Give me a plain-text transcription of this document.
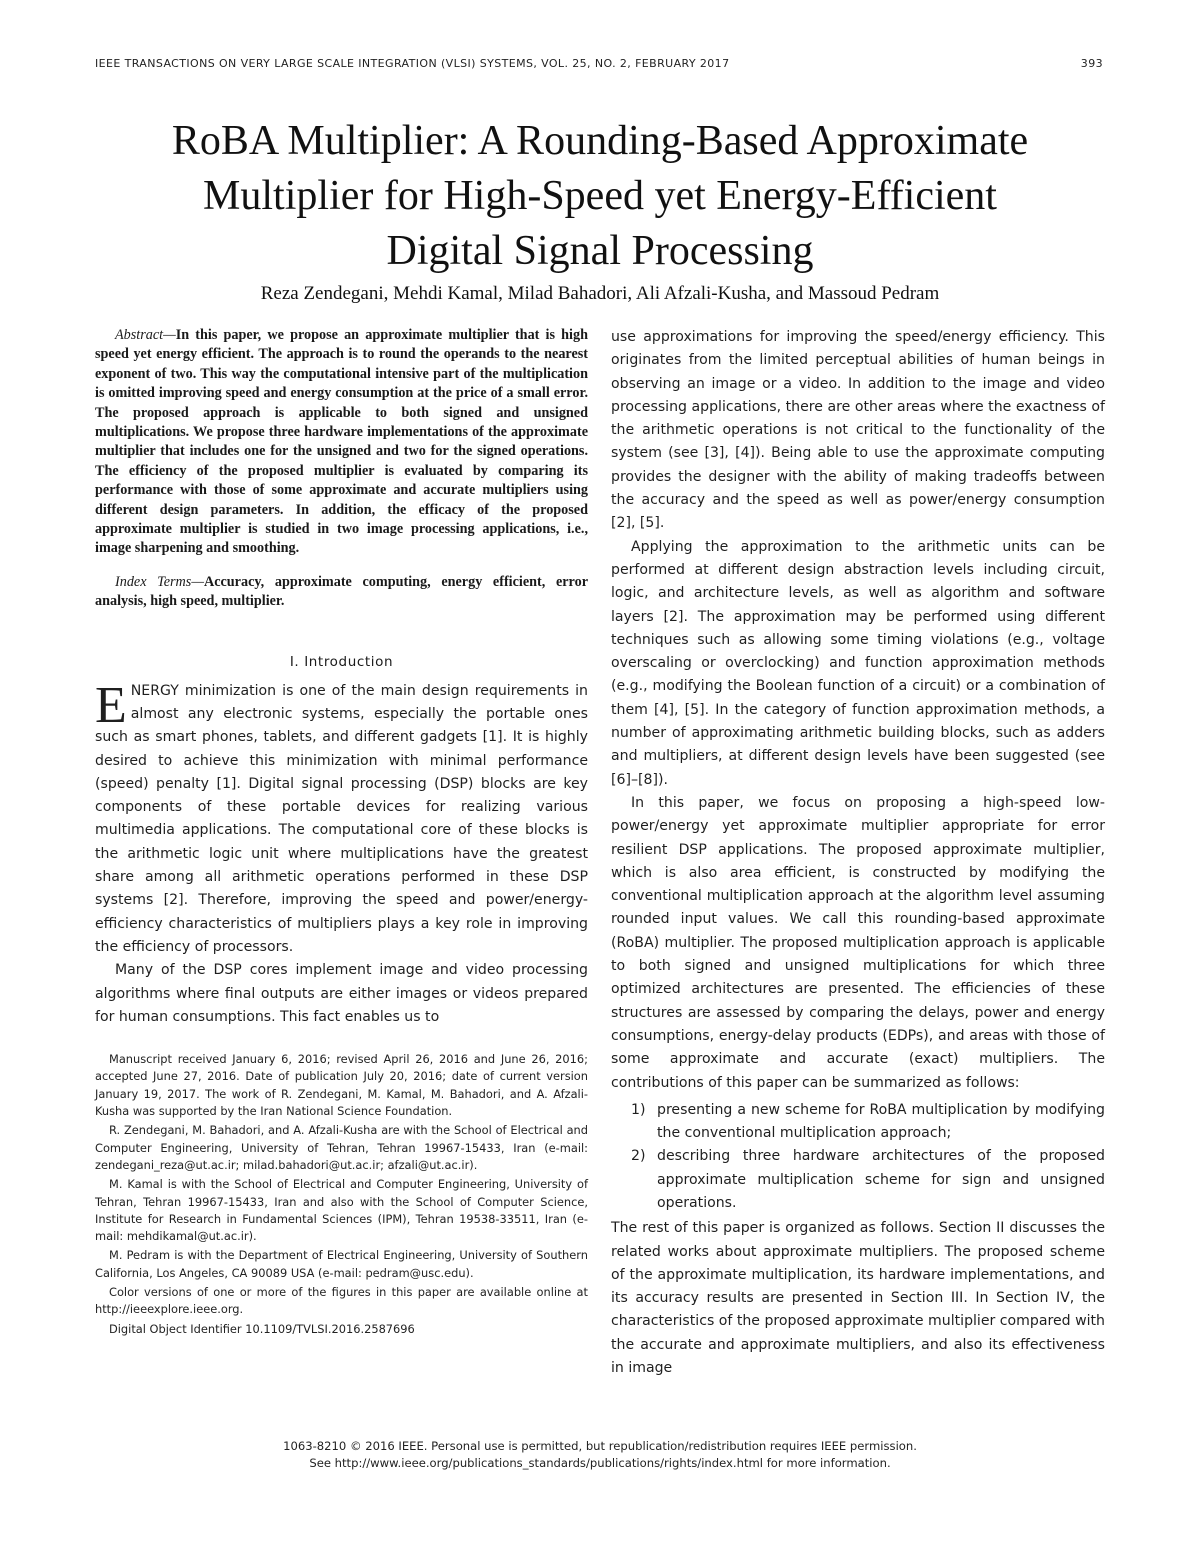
IEEE TRANSACTIONS ON VERY LARGE SCALE INTEGRATION (VLSI) SYSTEMS, VOL. 25, NO. 2, FEBRUARY 2017	393
RoBA Multiplier: A Rounding-Based Approximate
Multiplier for High-Speed yet Energy-Efficient
Digital Signal Processing
Reza Zendegani, Mehdi Kamal, Milad Bahadori, Ali Afzali-Kusha, and Massoud Pedram

Abstract—In this paper, we propose an approximate multiplier that is high speed yet energy efficient. The approach is to round the operands to the nearest exponent of two. This way the computational intensive part of the multiplication is omitted improving speed and energy consumption at the price of a small error. The proposed approach is applicable to both signed and unsigned multiplications. We propose three hardware implementations of the approximate multiplier that includes one for the unsigned and two for the signed operations. The efficiency of the proposed multiplier is evaluated by comparing its performance with those of some approximate and accurate multipliers using different design parameters. In addition, the efficacy of the proposed approximate multiplier is studied in two image processing applications, i.e., image sharpening and smoothing.

Index Terms—Accuracy, approximate computing, energy efficient, error analysis, high speed, multiplier.

I. Introduction

ENERGY minimization is one of the main design requirements in almost any electronic systems, especially the portable ones such as smart phones, tablets, and different gadgets [1]. It is highly desired to achieve this minimization with minimal performance (speed) penalty [1]. Digital signal processing (DSP) blocks are key components of these portable devices for realizing various multimedia applications. The computational core of these blocks is the arithmetic logic unit where multiplications have the greatest share among all arithmetic operations performed in these DSP systems [2]. Therefore, improving the speed and power/energy-efficiency characteristics of multipliers plays a key role in improving the efficiency of processors.

Many of the DSP cores implement image and video processing algorithms where final outputs are either images or videos prepared for human consumptions. This fact enables us to

Manuscript received January 6, 2016; revised April 26, 2016 and June 26, 2016; accepted June 27, 2016. Date of publication July 20, 2016; date of current version January 19, 2017. The work of R. Zendegani, M. Kamal, M. Bahadori, and A. Afzali-Kusha was supported by the Iran National Science Foundation.

R. Zendegani, M. Bahadori, and A. Afzali-Kusha are with the School of Electrical and Computer Engineering, University of Tehran, Tehran 19967-15433, Iran (e-mail: zendegani_reza@ut.ac.ir; milad.bahadori@ut.ac.ir; afzali@ut.ac.ir).

M. Kamal is with the School of Electrical and Computer Engineering, University of Tehran, Tehran 19967-15433, Iran and also with the School of Computer Science, Institute for Research in Fundamental Sciences (IPM), Tehran 19538-33511, Iran (e-mail: mehdikamal@ut.ac.ir).

M. Pedram is with the Department of Electrical Engineering, University of Southern California, Los Angeles, CA 90089 USA (e-mail: pedram@usc.edu).

Color versions of one or more of the figures in this paper are available online at http://ieeexplore.ieee.org.

Digital Object Identifier 10.1109/TVLSI.2016.2587696

use approximations for improving the speed/energy efficiency. This originates from the limited perceptual abilities of human beings in observing an image or a video. In addition to the image and video processing applications, there are other areas where the exactness of the arithmetic operations is not critical to the functionality of the system (see [3], [4]). Being able to use the approximate computing provides the designer with the ability of making tradeoffs between the accuracy and the speed as well as power/energy consumption [2], [5].

Applying the approximation to the arithmetic units can be performed at different design abstraction levels including circuit, logic, and architecture levels, as well as algorithm and software layers [2]. The approximation may be performed using different techniques such as allowing some timing violations (e.g., voltage overscaling or overclocking) and function approximation methods (e.g., modifying the Boolean function of a circuit) or a combination of them [4], [5]. In the category of function approximation methods, a number of approximating arithmetic building blocks, such as adders and multipliers, at different design levels have been suggested (see [6]–[8]).

In this paper, we focus on proposing a high-speed low-power/energy yet approximate multiplier appropriate for error resilient DSP applications. The proposed approximate multiplier, which is also area efficient, is constructed by modifying the conventional multiplication approach at the algorithm level assuming rounded input values. We call this rounding-based approximate (RoBA) multiplier. The proposed multiplication approach is applicable to both signed and unsigned multiplications for which three optimized architectures are presented. The efficiencies of these structures are assessed by comparing the delays, power and energy consumptions, energy-delay products (EDPs), and areas with those of some approximate and accurate (exact) multipliers. The contributions of this paper can be summarized as follows:

1) presenting a new scheme for RoBA multiplication by modifying the conventional multiplication approach;
2) describing three hardware architectures of the proposed approximate multiplication scheme for sign and unsigned operations.

The rest of this paper is organized as follows. Section II discusses the related works about approximate multipliers. The proposed scheme of the approximate multiplication, its hardware implementations, and its accuracy results are presented in Section III. In Section IV, the characteristics of the proposed approximate multiplier compared with the accurate and approximate multipliers, and also its effectiveness in image

1063-8210 © 2016 IEEE. Personal use is permitted, but republication/redistribution requires IEEE permission.
See http://www.ieee.org/publications_standards/publications/rights/index.html for more information.
